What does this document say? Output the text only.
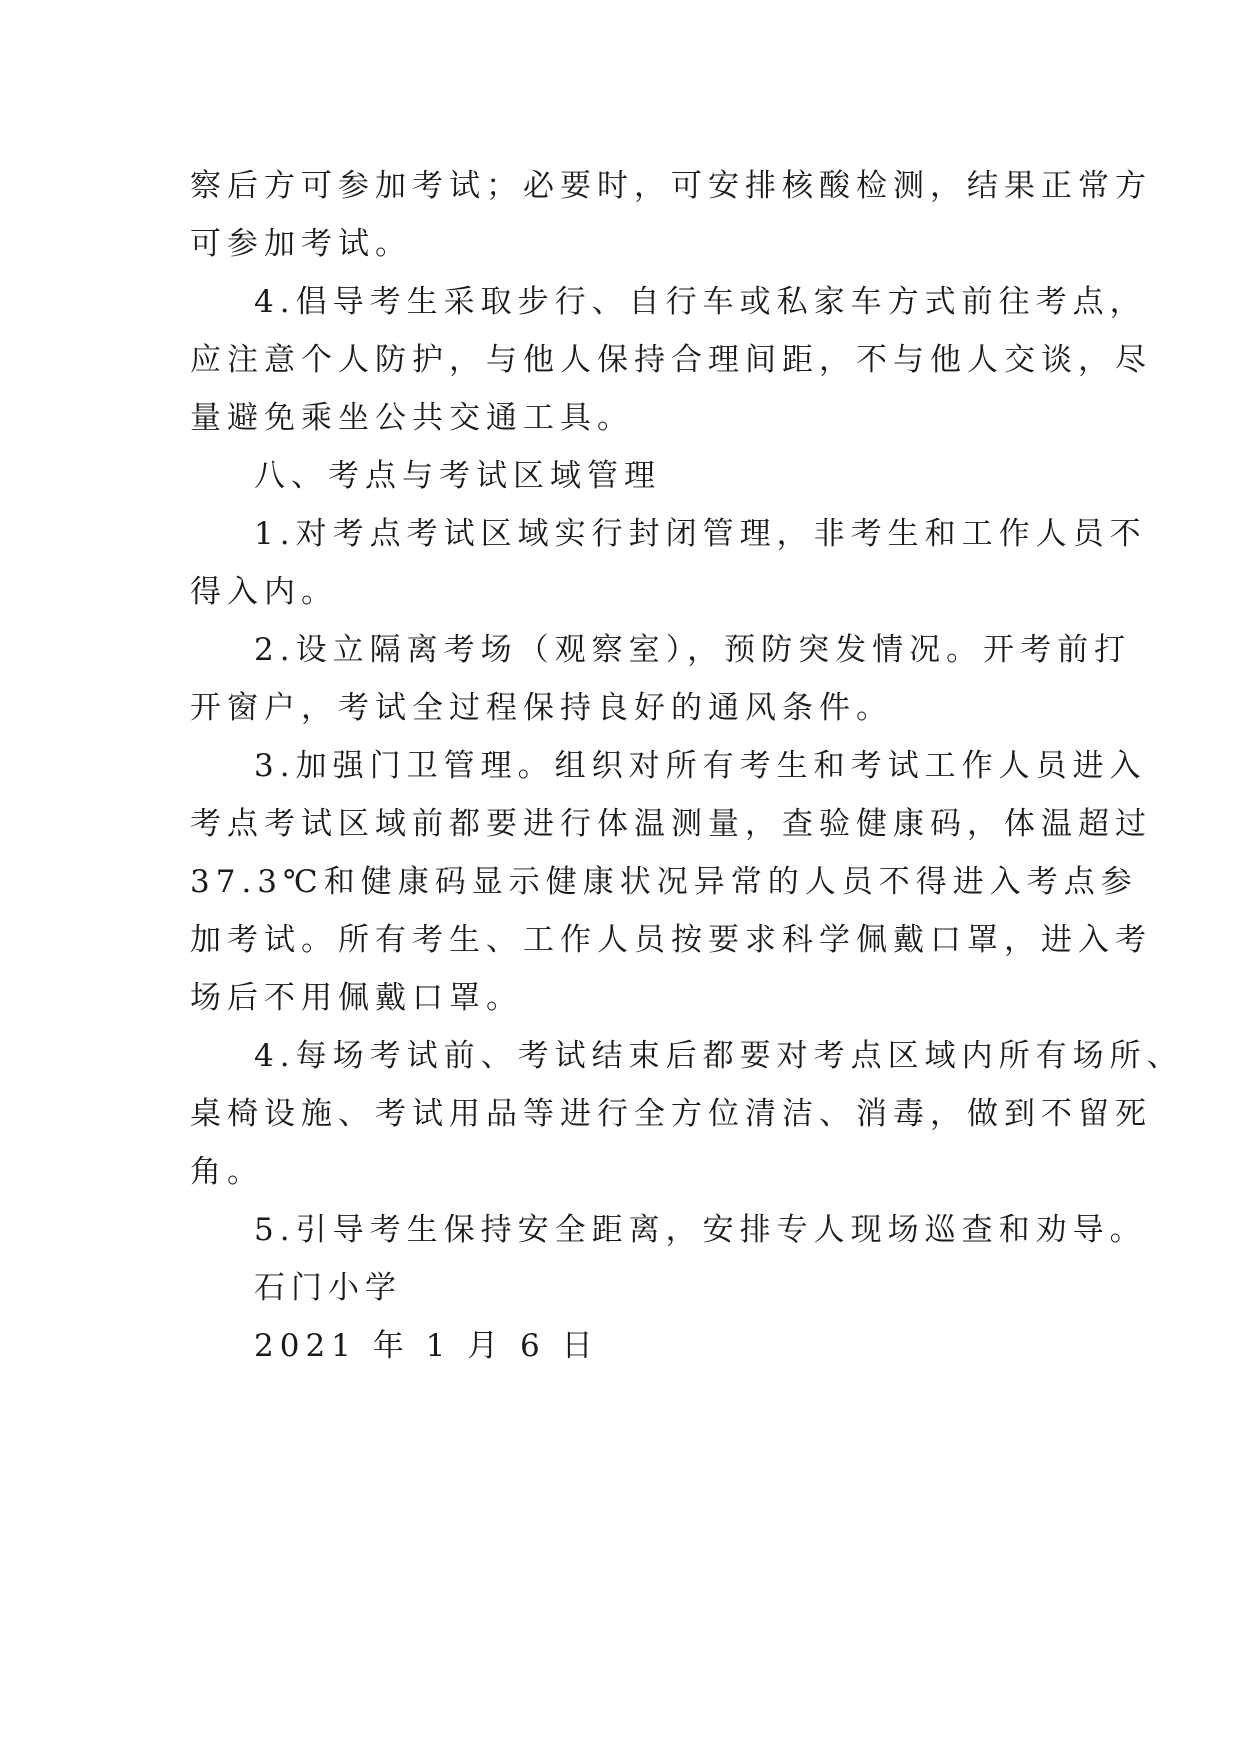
察后方可参加考试；必要时，可安排核酸检测，结果正常方
可参加考试。
4.倡导考生采取步行、自行车或私家车方式前往考点，
应注意个人防护，与他人保持合理间距，不与他人交谈，尽
量避免乘坐公共交通工具。
八、考点与考试区域管理
1.对考点考试区域实行封闭管理，非考生和工作人员不
得入内。
2.设立隔离考场（观察室），预防突发情况。开考前打
开窗户，考试全过程保持良好的通风条件。
3.加强门卫管理。组织对所有考生和考试工作人员进入
考点考试区域前都要进行体温测量，查验健康码，体温超过
37.3℃和健康码显示健康状况异常的人员不得进入考点参
加考试。所有考生、工作人员按要求科学佩戴口罩，进入考
场后不用佩戴口罩。
4.每场考试前、考试结束后都要对考点区域内所有场所、
桌椅设施、考试用品等进行全方位清洁、消毒，做到不留死
角。
5.引导考生保持安全距离，安排专人现场巡查和劝导。
石门小学
2021 年 1 月 6 日
